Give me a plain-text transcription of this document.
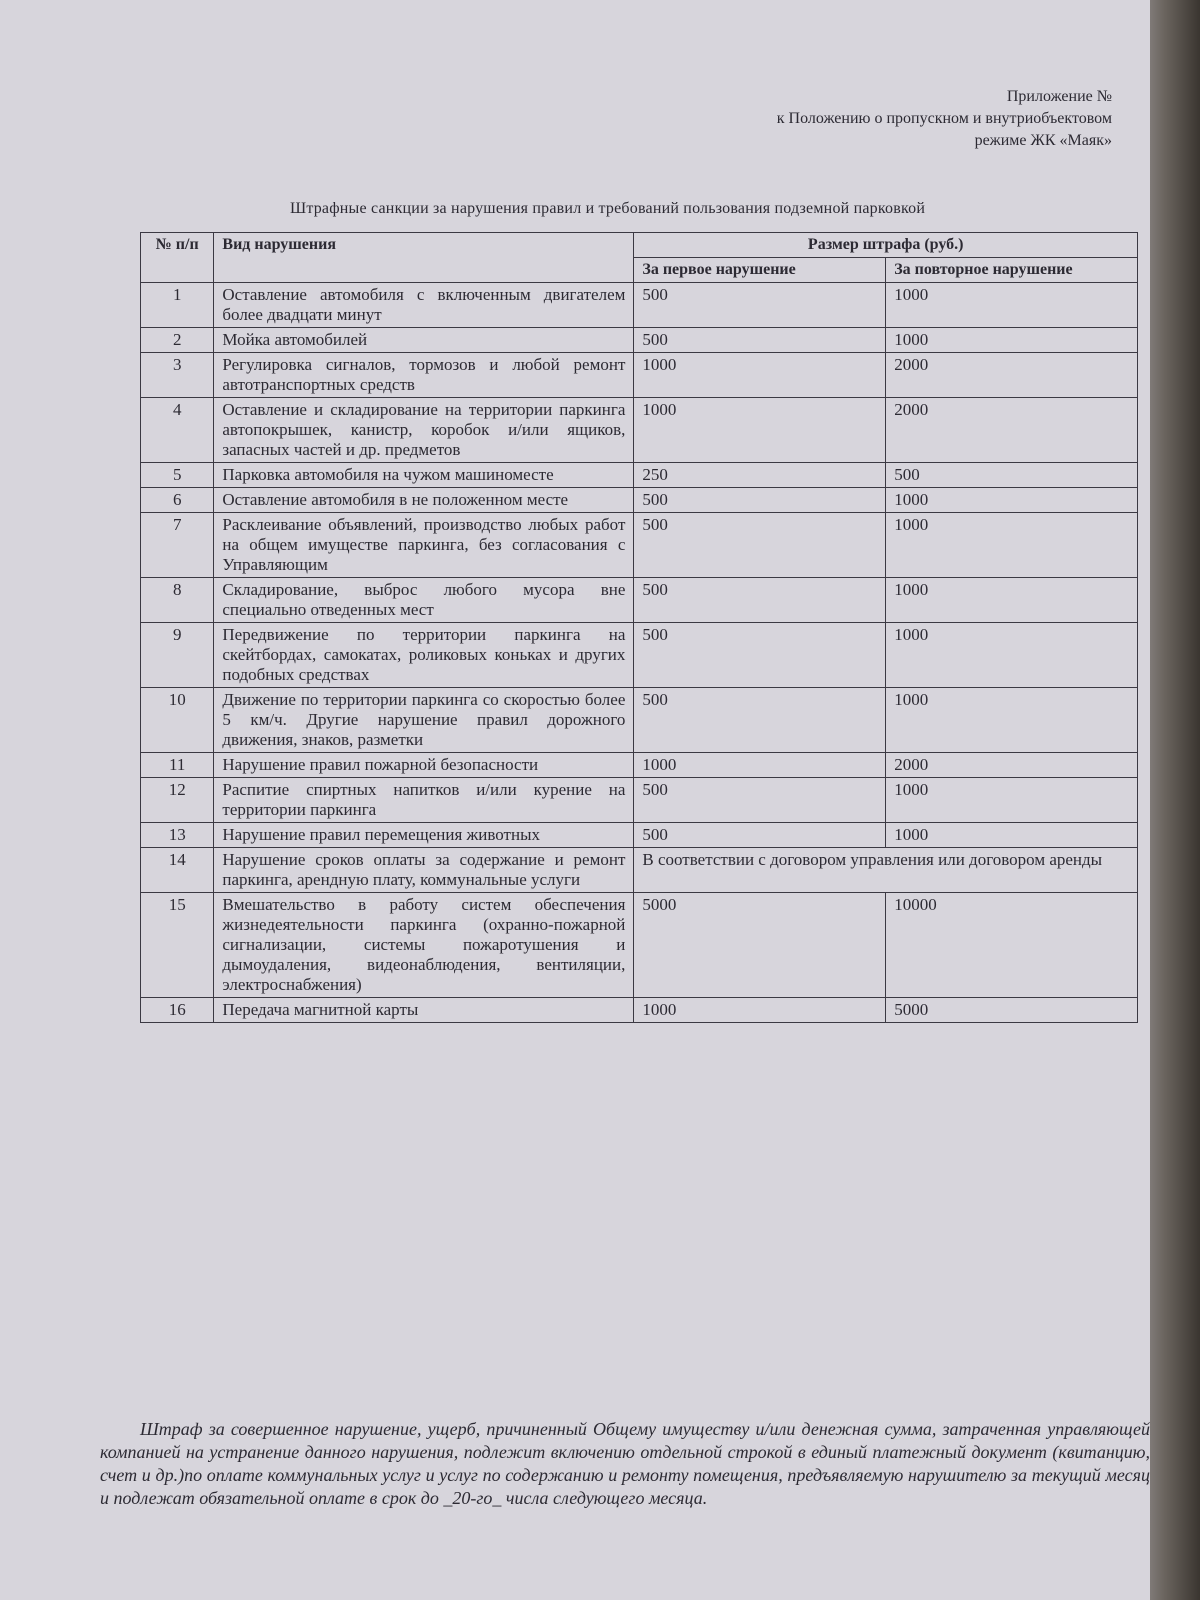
Приложение №
к Положению о пропускном и внутриобъектовом
режиме ЖК «Маяк»
Штрафные санкции за нарушения правил и требований пользования подземной парковкой
№ п/п	Вид нарушения	Размер штрафа (руб.)	
		За первое нарушение	За повторное нарушение
1	Оставление автомобиля с включенным двигателем более двадцати минут	500	1000
2	Мойка автомобилей	500	1000
3	Регулировка сигналов, тормозов и любой ремонт автотранспортных средств	1000	2000
4	Оставление и складирование на территории паркинга автопокрышек, канистр, коробок и/или ящиков, запасных частей и др. предметов	1000	2000
5	Парковка автомобиля на чужом машиноместе	250	500
6	Оставление автомобиля в не положенном месте	500	1000
7	Расклеивание объявлений, производство любых работ на общем имуществе паркинга, без согласования с Управляющим	500	1000
8	Складирование, выброс любого мусора вне специально отведенных мест	500	1000
9	Передвижение по территории паркинга на скейтбордах, самокатах, роликовых коньках и других подобных средствах	500	1000
10	Движение по территории паркинга со скоростью более 5 км/ч. Другие нарушение правил дорожного движения, знаков, разметки	500	1000
11	Нарушение правил пожарной безопасности	1000	2000
12	Распитие спиртных напитков и/или курение на территории паркинга	500	1000
13	Нарушение правил перемещения животных	500	1000
14	Нарушение сроков оплаты за содержание и ремонт паркинга, арендную плату, коммунальные услуги	В соответствии с договором управления или договором аренды	
15	Вмешательство в работу систем обеспечения жизнедеятельности паркинга (охранно-пожарной сигнализации, системы пожаротушения и дымоудаления, видеонаблюдения, вентиляции, электроснабжения)	5000	10000
16	Передача магнитной карты	1000	5000
Штраф за совершенное нарушение, ущерб, причиненный Общему имуществу и/или денежная сумма, затраченная управляющей компанией на устранение данного нарушения, подлежит включению отдельной строкой в единый платежный документ (квитанцию, счет и др.)по оплате коммунальных услуг и услуг по содержанию и ремонту помещения, предъявляемую нарушителю за текущий месяц и подлежат обязательной оплате в срок до _20-го_ числа следующего месяца.
